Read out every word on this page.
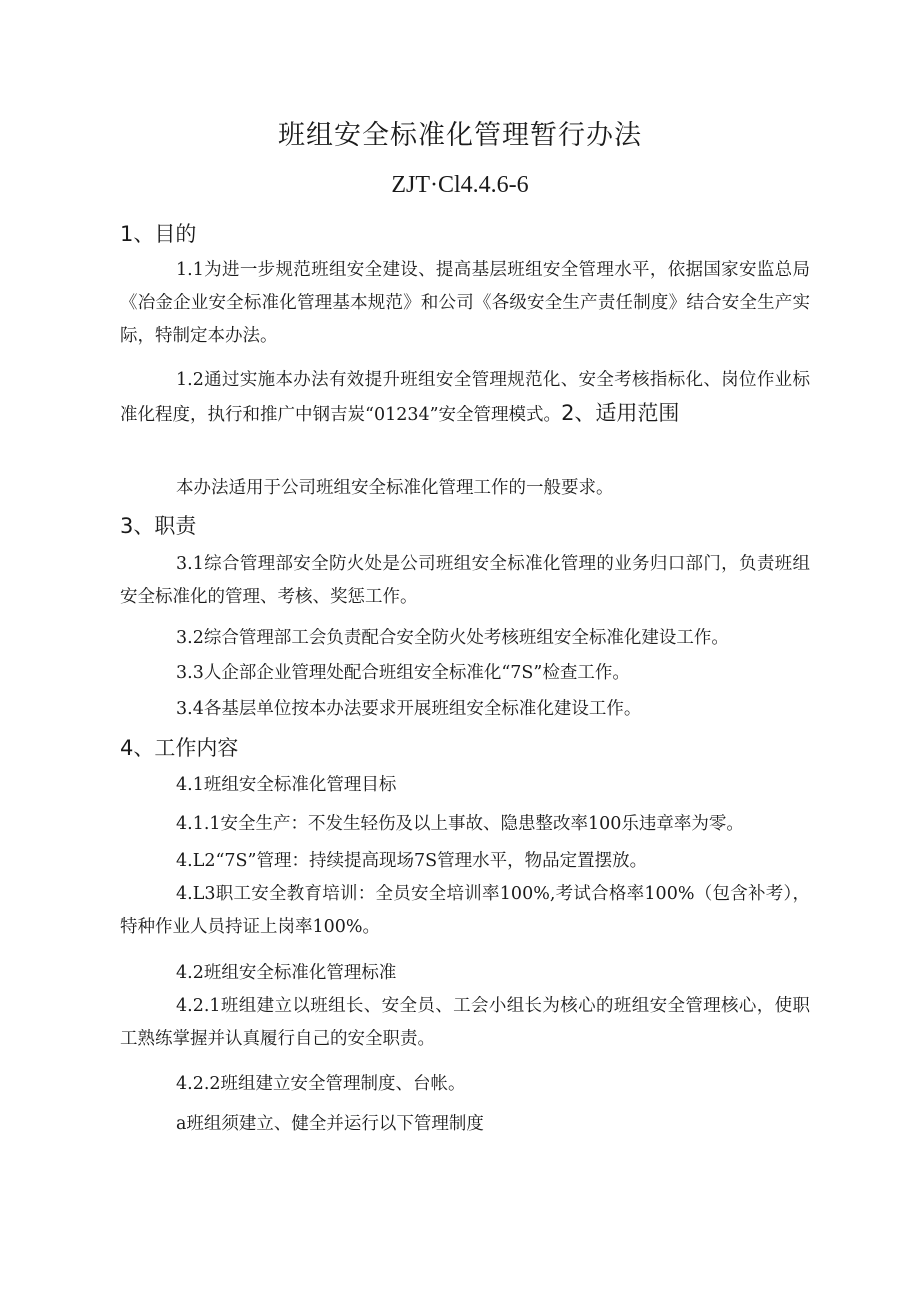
班组安全标准化管理暂行办法
ZJT·Cl4.4.6-6
1、目的
1.1为进一步规范班组安全建设、提高基层班组安全管理水平，依据国家安监总局《冶金企业安全标准化管理基本规范》和公司《各级安全生产责任制度》结合安全生产实际，特制定本办法。
1.2通过实施本办法有效提升班组安全管理规范化、安全考核指标化、岗位作业标准化程度，执行和推广中钢吉炭“01234”安全管理模式。2、适用范围
本办法适用于公司班组安全标准化管理工作的一般要求。
3、职责
3.1综合管理部安全防火处是公司班组安全标准化管理的业务归口部门，负责班组安全标准化的管理、考核、奖惩工作。
3.2综合管理部工会负责配合安全防火处考核班组安全标准化建设工作。
3.3人企部企业管理处配合班组安全标准化“7S”检查工作。
3.4各基层单位按本办法要求开展班组安全标准化建设工作。
4、工作内容
4.1班组安全标准化管理目标
4.1.1安全生产：不发生轻伤及以上事故、隐患整改率100乐违章率为零。
4.L2“7S”管理：持续提高现场7S管理水平，物品定置摆放。
4.L3职工安全教育培训：全员安全培训率100%,考试合格率100%（包含补考），特种作业人员持证上岗率100%。
4.2班组安全标准化管理标准
4.2.1班组建立以班组长、安全员、工会小组长为核心的班组安全管理核心，使职工熟练掌握并认真履行自己的安全职责。
4.2.2班组建立安全管理制度、台帐。
a班组须建立、健全并运行以下管理制度
